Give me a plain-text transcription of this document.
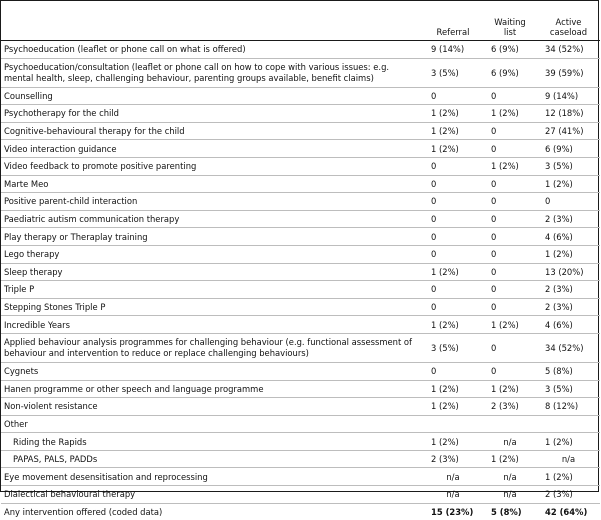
	Referral	Waiting list	Active caseload
Psychoeducation (leaflet or phone call on what is offered)	9 (14%)	6 (9%)	34 (52%)
Psychoeducation/consultation (leaflet or phone call on how to cope with various issues: e.g. mental health, sleep, challenging behaviour, parenting groups available, benefit claims)	3 (5%)	6 (9%)	39 (59%)
Counselling	0	0	9 (14%)
Psychotherapy for the child	1 (2%)	1 (2%)	12 (18%)
Cognitive-behavioural therapy for the child	1 (2%)	0	27 (41%)
Video interaction guidance	1 (2%)	0	6 (9%)
Video feedback to promote positive parenting	0	1 (2%)	3 (5%)
Marte Meo	0	0	1 (2%)
Positive parent-child interaction	0	0	0
Paediatric autism communication therapy	0	0	2 (3%)
Play therapy or Theraplay training	0	0	4 (6%)
Lego therapy	0	0	1 (2%)
Sleep therapy	1 (2%)	0	13 (20%)
Triple P	0	0	2 (3%)
Stepping Stones Triple P	0	0	2 (3%)
Incredible Years	1 (2%)	1 (2%)	4 (6%)
Applied behaviour analysis programmes for challenging behaviour (e.g. functional assessment of behaviour and intervention to reduce or replace challenging behaviours)	3 (5%)	0	34 (52%)
Cygnets	0	0	5 (8%)
Hanen programme or other speech and language programme	1 (2%)	1 (2%)	3 (5%)
Non-violent resistance	1 (2%)	2 (3%)	8 (12%)
Other			
Riding the Rapids	1 (2%)	n/a	1 (2%)
PAPAS, PALS, PADDs	2 (3%)	1 (2%)	n/a
Eye movement desensitisation and reprocessing	n/a	n/a	1 (2%)
Dialectical behavioural therapy	n/a	n/a	2 (3%)
Any intervention offered (coded data)	15 (23%)	5 (8%)	42 (64%)
